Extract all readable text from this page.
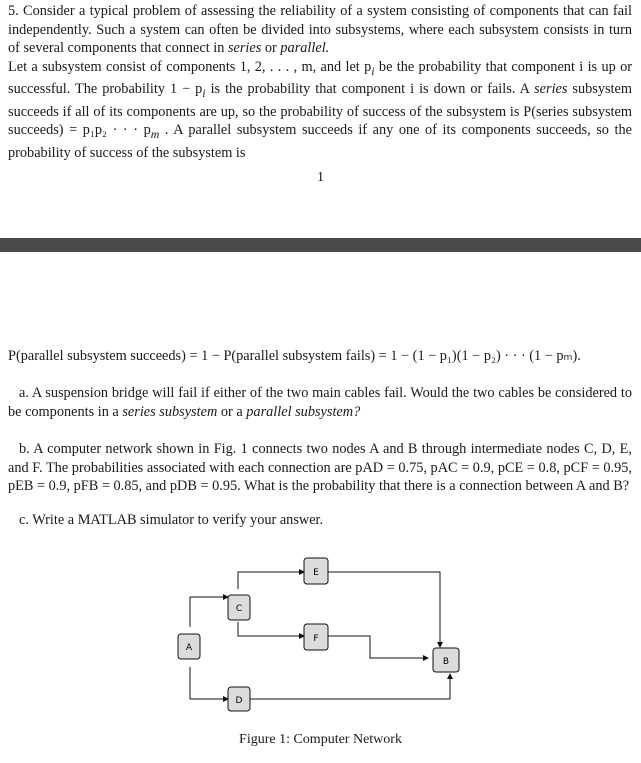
5. Consider a typical problem of assessing the reliability of a system consisting of components that can fail independently. Such a system can often be divided into subsystems, where each subsystem consists in turn of several components that connect in series or parallel.

Let a subsystem consist of components 1, 2, . . . , m, and let $p_i$ be the probability that component i is up or successful. The probability $1 - p_i$ is the probability that component i is down or fails. A series subsystem succeeds if all of its components are up, so the probability of success of the subsystem is P(series subsystem succeeds) = p₁p₂ · · · $p_m$ . A parallel subsystem succeeds if any one of its components succeeds, so the probability of success of the subsystem is

1
P(parallel subsystem succeeds) = 1 − P(parallel subsystem fails) = 1 − (1 − p₁)(1 − p₂) · · · (1 − pₘ).
a. A suspension bridge will fail if either of the two main cables fail. Would the two cables be considered to be components in a series subsystem or a parallel subsystem?
b. A computer network shown in Fig. 1 connects two nodes A and B through intermediate nodes C, D, E, and F. The probabilities associated with each connection are pAD = 0.75, pAC = 0.9, pCE = 0.8, pCF = 0.95, pEB = 0.9, pFB = 0.85, and pDB = 0.95. What is the probability that there is a connection between A and B?
c. Write a MATLAB simulator to verify your answer.
A
B
C
D
E
F
Figure 1: Computer Network
